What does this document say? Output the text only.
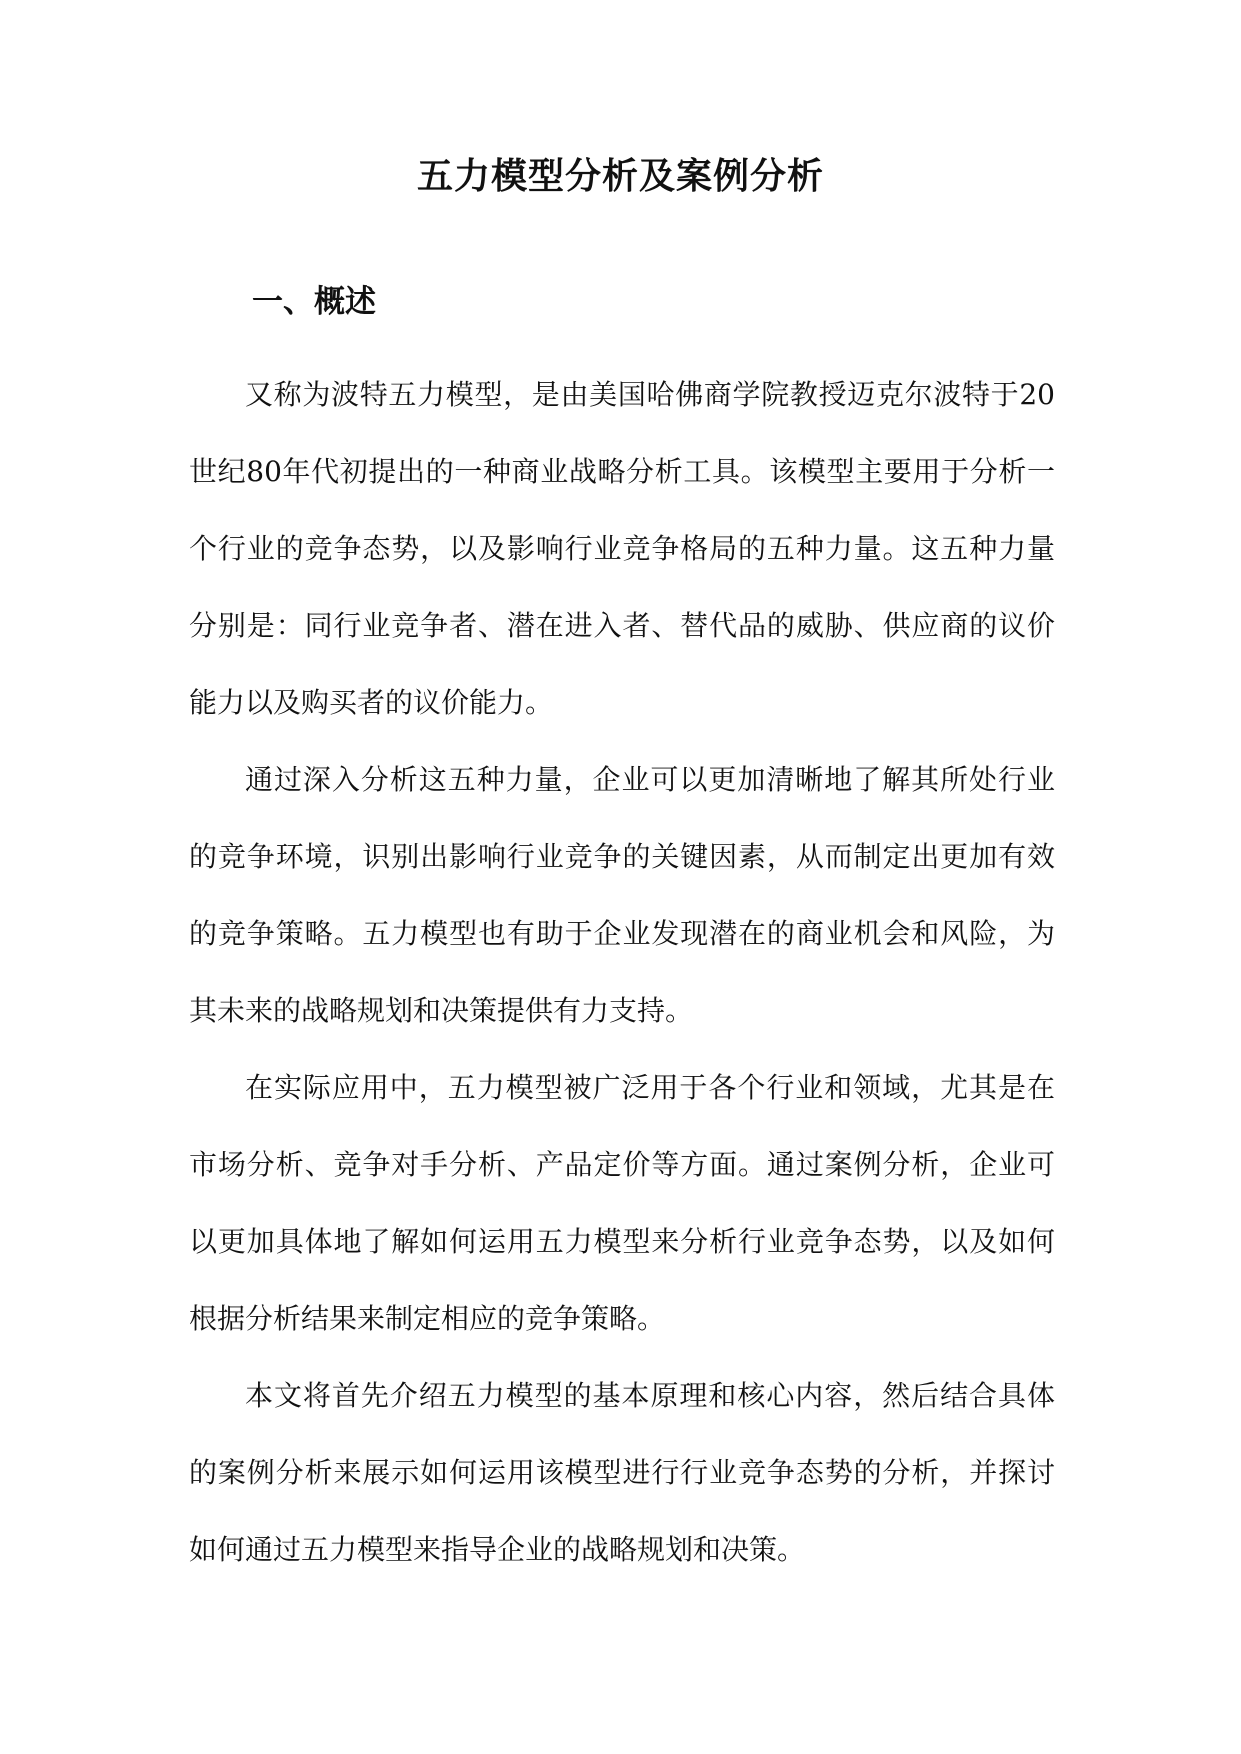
五力模型分析及案例分析
一、概述

又称为波特五力模型，是由美国哈佛商学院教授迈克尔波特于20世纪80年代初提出的一种商业战略分析工具。该模型主要用于分析一个行业的竞争态势，以及影响行业竞争格局的五种力量。这五种力量分别是：同行业竞争者、潜在进入者、替代品的威胁、供应商的议价能力以及购买者的议价能力。

通过深入分析这五种力量，企业可以更加清晰地了解其所处行业的竞争环境，识别出影响行业竞争的关键因素，从而制定出更加有效的竞争策略。五力模型也有助于企业发现潜在的商业机会和风险，为其未来的战略规划和决策提供有力支持。

在实际应用中，五力模型被广泛用于各个行业和领域，尤其是在市场分析、竞争对手分析、产品定价等方面。通过案例分析，企业可以更加具体地了解如何运用五力模型来分析行业竞争态势，以及如何根据分析结果来制定相应的竞争策略。

本文将首先介绍五力模型的基本原理和核心内容，然后结合具体的案例分析来展示如何运用该模型进行行业竞争态势的分析，并探讨如何通过五力模型来指导企业的战略规划和决策。
